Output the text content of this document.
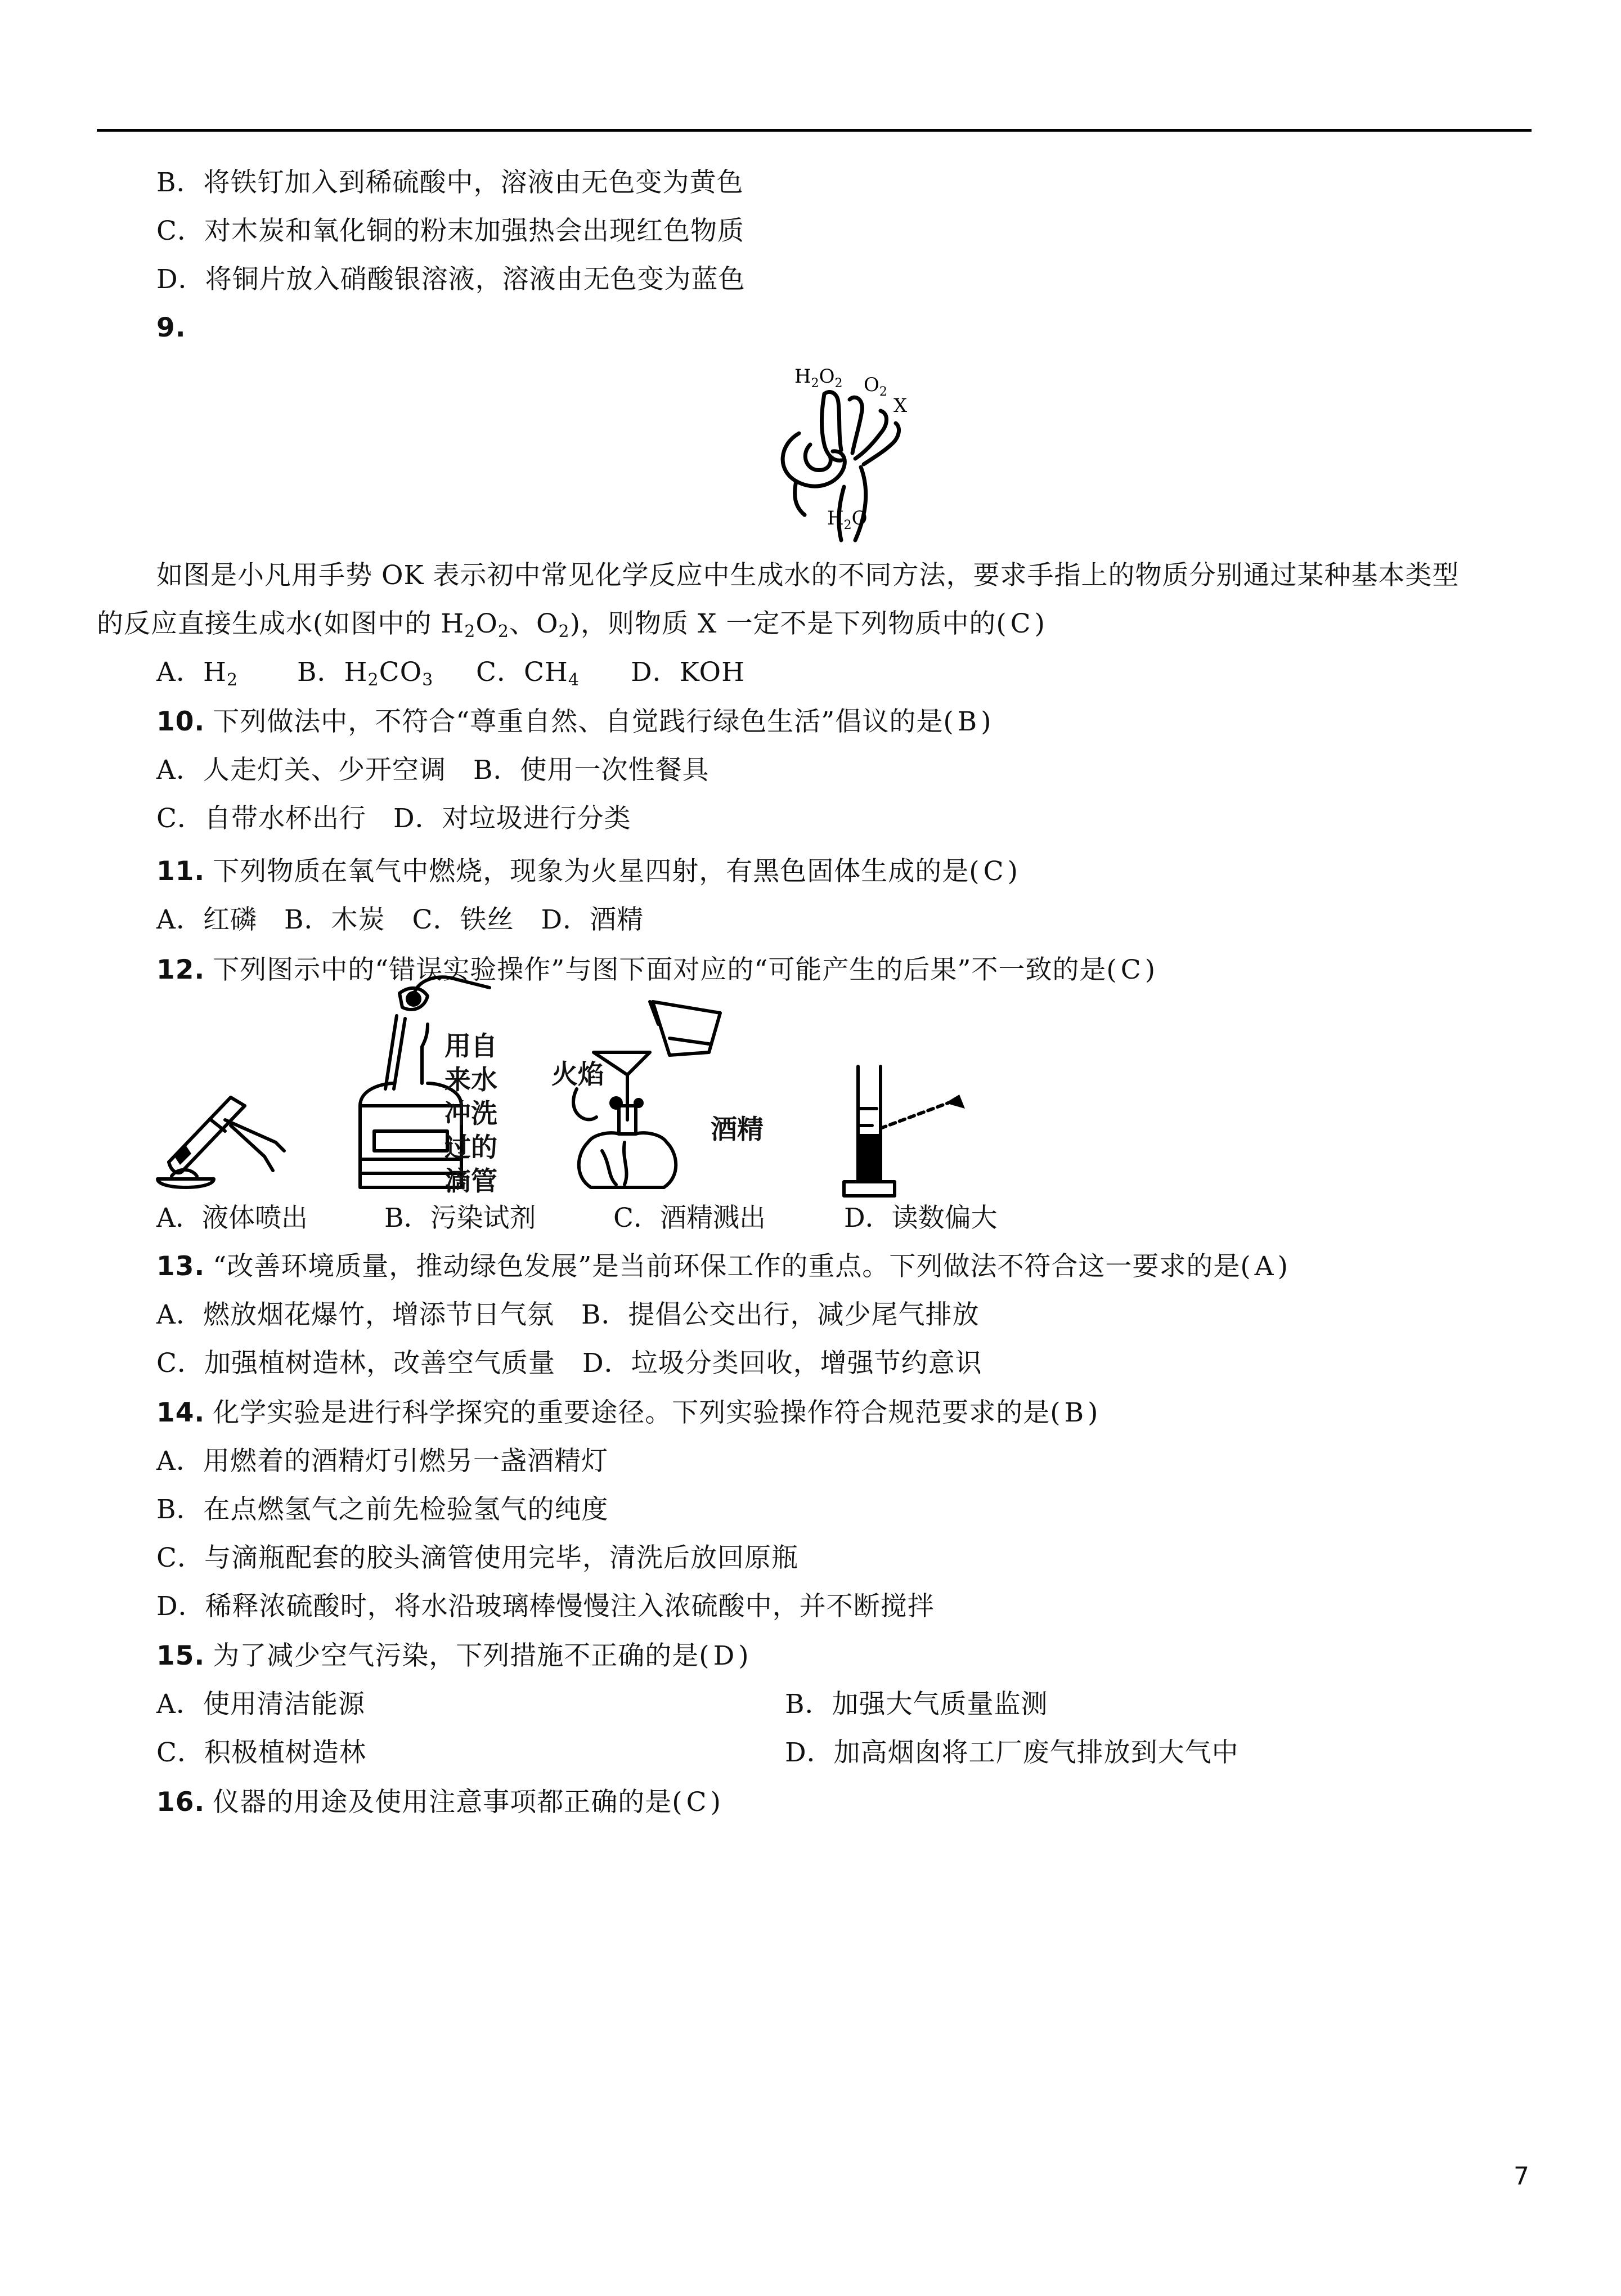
B．将铁钉加入到稀硫酸中，溶液由无色变为黄色
C．对木炭和氧化铜的粉末加强热会出现红色物质
D．将铜片放入硝酸银溶液，溶液由无色变为蓝色
9.
$H_2O_2$ $O_2$
X
$H_2O$
如图是小凡用手势 OK 表示初中常见化学反应中生成水的不同方法，要求手指上的物质分别通过某种基本类型
的反应直接生成水(如图中的 $H_2O_2$、$O_2$)，则物质 X 一定不是下列物质中的( C )
A．$H_2$ B．$H_2CO_3$ C．$CH_4$ D．KOH
10. 下列做法中，不符合“尊重自然、自觉践行绿色生活”倡议的是( B )
A．人走灯关、少开空调　B．使用一次性餐具
C．自带水杯出行　D．对垃圾进行分类
11. 下列物质在氧气中燃烧，现象为火星四射，有黑色固体生成的是( C )
A．红磷　B．木炭　C．铁丝　D．酒精
12. 下列图示中的“错误实验操作”与图下面对应的“可能产生的后果”不一致的是( C )
用自
来水
冲洗
过的
滴管
火焰
酒精
A．液体喷出	B．污染试剂	C．酒精溅出	D．读数偏大
13. “改善环境质量，推动绿色发展”是当前环保工作的重点。下列做法不符合这一要求的是( A )
A．燃放烟花爆竹，增添节日气氛　B．提倡公交出行，减少尾气排放
C．加强植树造林，改善空气质量　D．垃圾分类回收，增强节约意识
14. 化学实验是进行科学探究的重要途径。下列实验操作符合规范要求的是( B )
A．用燃着的酒精灯引燃另一盏酒精灯
B．在点燃氢气之前先检验氢气的纯度
C．与滴瓶配套的胶头滴管使用完毕，清洗后放回原瓶
D．稀释浓硫酸时，将水沿玻璃棒慢慢注入浓硫酸中，并不断搅拌
15. 为了减少空气污染，下列措施不正确的是( D )
A．使用清洁能源	B．加强大气质量监测
C．积极植树造林	D．加高烟囱将工厂废气排放到大气中
16. 仪器的用途及使用注意事项都正确的是( C )
7
